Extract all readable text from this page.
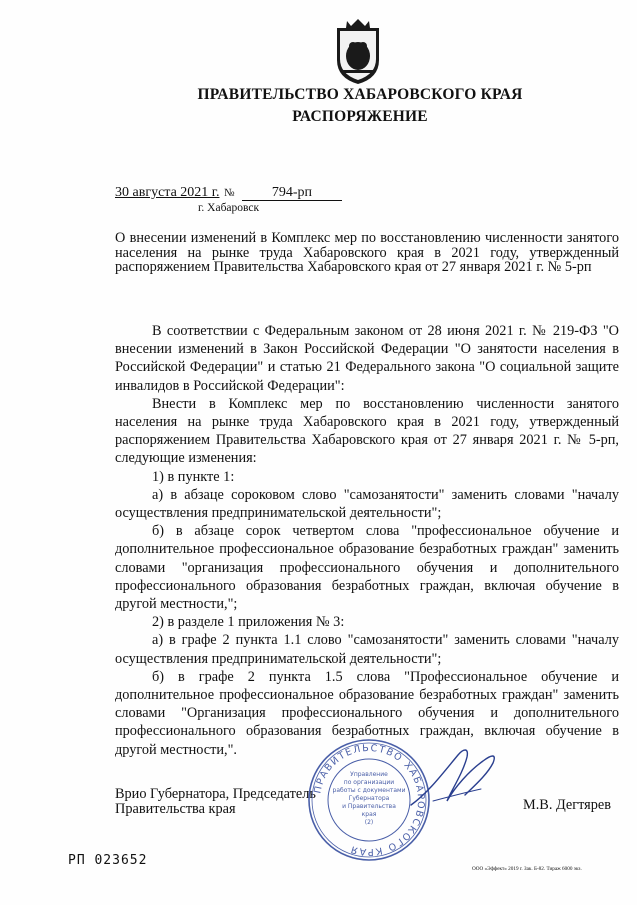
ПРАВИТЕЛЬСТВО ХАБАРОВСКОГО КРАЯ
РАСПОРЯЖЕНИЕ
30 августа 2021 г. №	794-рп
г. Хабаровск
О внесении изменений в Комплекс мер по восстановлению численности занятого населения на рынке труда Хабаровского края в 2021 году, утвержденный распоряжением Правительства Хабаровского края от 27 января 2021 г. № 5-рп

В соответствии с Федеральным законом от 28 июня 2021 г. № 219-ФЗ "О внесении изменений в Закон Российской Федерации "О занятости населения в Российской Федерации" и статью 21 Федерального закона "О социальной защите инвалидов в Российской Федерации":

Внести в Комплекс мер по восстановлению численности занятого населения на рынке труда Хабаровского края в 2021 году, утвержденный распоряжением Правительства Хабаровского края от 27 января 2021 г. № 5-рп, следующие изменения:

1) в пункте 1:

а) в абзаце сороковом слово "самозанятости" заменить словами "началу осуществления предпринимательской деятельности";

б) в абзаце сорок четвертом слова "профессиональное обучение и дополнительное профессиональное образование безработных граждан" заменить словами "организация профессионального обучения и дополнительного профессионального образования безработных граждан, включая обучение в другой местности,";

2) в разделе 1 приложения № 3:

а) в графе 2 пункта 1.1 слово "самозанятости" заменить словами "началу осуществления предпринимательской деятельности";

б) в графе 2 пункта 1.5 слова "Профессиональное обучение и дополнительное профессиональное образование безработных граждан" заменить словами "Организация профессионального обучения и дополнительного профессионального образования безработных граждан, включая обучение в другой местности,".

Врио Губернатора, Председатель
Правительства края	М.В. Дегтярев
ПРАВИТЕЛЬСТВО ХАБАРОВСКОГО КРАЯ
Управление
по организации
работы с документами
Губернатора
и Правительства
края
(2)
РП 023652
ООО «Эффект» 2019 г. Зак. Б-82. Тираж 6000 экз.
